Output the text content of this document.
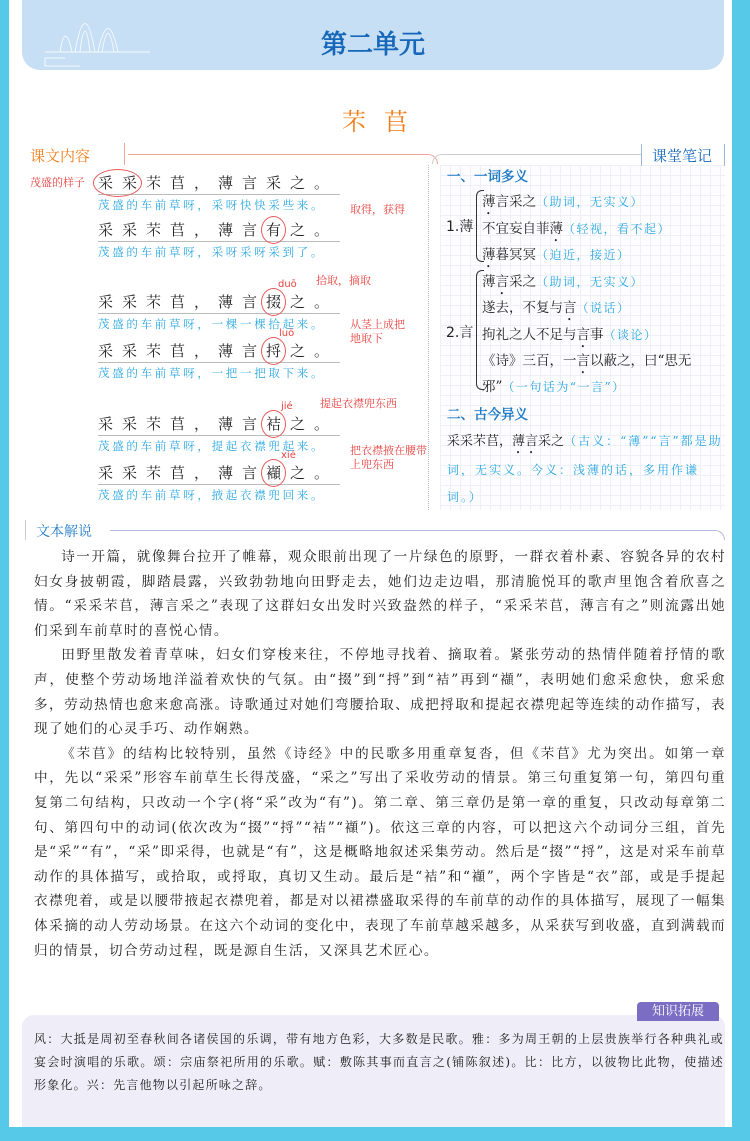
第二单元
芣苢
课文内容
采采芣苢，薄言采之。
茂盛的车前草呀，采呀快快采些来。
采采芣苢，薄言有之。
茂盛的车前草呀，采呀采呀采到了。
采采芣苢，薄言掇之。
茂盛的车前草呀，一棵一棵拾起来。
采采芣苢，薄言捋之。
茂盛的车前草呀，一把一把取下来。
采采芣苢，薄言袺之。
茂盛的车前草呀，提起衣襟兜起来。
采采芣苢，薄言襭之。
茂盛的车前草呀，掖起衣襟兜回来。
茂盛的样子
取得，获得
拾取，摘取
从茎上成把地取下
提起衣襟兜东西
把衣襟掖在腰带上兜东西
duō
luō
jié
xié
课堂笔记
一、一词多义
1.薄
2.言
薄言采之（助词，无实义）
不宜妄自菲薄（轻视，看不起）
薄暮冥冥（迫近，接近）
薄言采之（助词，无实义）
遂去，不复与言（说话）
拘礼之人不足与言事（谈论）
《诗》三百，一言以蔽之，曰“思无
邪”（一句话为“一言”）
二、古今异义
采采芣苢，薄言采之（古义：“薄”“言”都是助词，无实义。今义：浅薄的话，多用作谦词。）
文本解说

诗一开篇，就像舞台拉开了帷幕，观众眼前出现了一片绿色的原野，一群衣着朴素、容貌各异的农村妇女身披朝霞，脚踏晨露，兴致勃勃地向田野走去，她们边走边唱，那清脆悦耳的歌声里饱含着欣喜之情。“采采芣苢，薄言采之”表现了这群妇女出发时兴致盎然的样子，“采采芣苢，薄言有之”则流露出她们采到车前草时的喜悦心情。

田野里散发着青草味，妇女们穿梭来往，不停地寻找着、摘取着。紧张劳动的热情伴随着抒情的歌声，使整个劳动场地洋溢着欢快的气氛。由“掇”到“捋”到“袺”再到“襭”，表明她们愈采愈快，愈采愈多，劳动热情也愈来愈高涨。诗歌通过对她们弯腰拾取、成把捋取和提起衣襟兜起等连续的动作描写，表现了她们的心灵手巧、动作娴熟。

《芣苢》的结构比较特别，虽然《诗经》中的民歌多用重章复沓，但《芣苢》尤为突出。如第一章中，先以“采采”形容车前草生长得茂盛，“采之”写出了采收劳动的情景。第三句重复第一句，第四句重复第二句结构，只改动一个字(将“采”改为“有”)。第二章、第三章仍是第一章的重复，只改动每章第二句、第四句中的动词(依次改为“掇”“捋”“袺”“襭”)。依这三章的内容，可以把这六个动词分三组，首先是“采”“有”，“采”即采得，也就是“有”，这是概略地叙述采集劳动。然后是“掇”“捋”，这是对采车前草动作的具体描写，或拾取，或捋取，真切又生动。最后是“袺”和“襭”，两个字皆是“衣”部，或是手提起衣襟兜着，或是以腰带掖起衣襟兜着，都是对以裙襟盛取采得的车前草的动作的具体描写，展现了一幅集体采摘的动人劳动场景。在这六个动词的变化中，表现了车前草越采越多，从采获写到收盛，直到满载而归的情景，切合劳动过程，既是源自生活，又深具艺术匠心。

知识拓展
风：大抵是周初至春秋间各诸侯国的乐调，带有地方色彩，大多数是民歌。雅：多为周王朝的上层贵族举行各种典礼或宴会时演唱的乐歌。颂：宗庙祭祀所用的乐歌。赋：敷陈其事而直言之(铺陈叙述)。比：比方，以彼物比此物，使描述形象化。兴：先言他物以引起所咏之辞。
